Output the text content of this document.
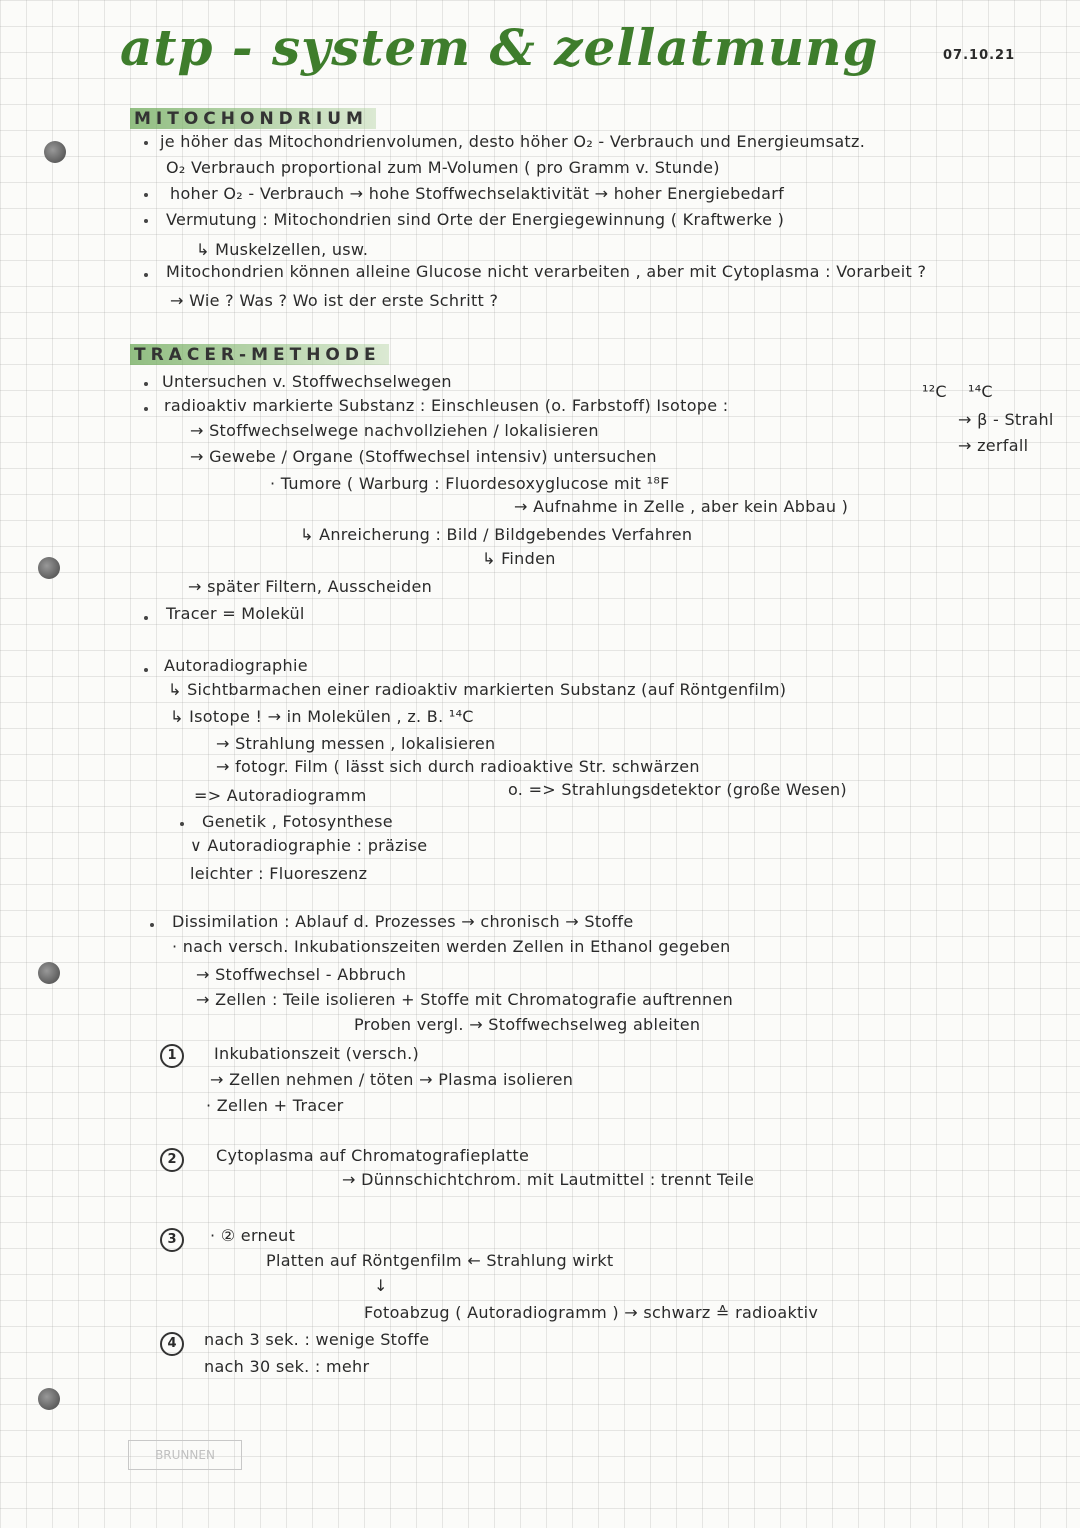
atp - system & zellatmung	07.10.21
MITOCHONDRIUM
je höher das Mitochondrienvolumen, desto höher O₂ - Verbrauch und Energieumsatz.
O₂ Verbrauch proportional zum M-Volumen ( pro Gramm v. Stunde)
hoher O₂ - Verbrauch → hohe Stoffwechselaktivität → hoher Energiebedarf
Vermutung : Mitochondrien sind Orte der Energiegewinnung ( Kraftwerke )
↳ Muskelzellen, usw.
Mitochondrien können alleine Glucose nicht verarbeiten , aber mit Cytoplasma : Vorarbeit ?
→ Wie ? Was ? Wo ist der erste Schritt ?
TRACER-METHODE
Untersuchen v. Stoffwechselwegen
radioaktiv markierte Substanz : Einschleusen (o. Farbstoff) Isotope :
¹²C ¹⁴C
→ β - Strahl
→ zerfall
→ Stoffwechselwege nachvollziehen / lokalisieren
→ Gewebe / Organe (Stoffwechsel intensiv) untersuchen
· Tumore ( Warburg : Fluordesoxyglucose mit ¹⁸F
→ Aufnahme in Zelle , aber kein Abbau )
↳ Anreicherung : Bild / Bildgebendes Verfahren
↳ Finden
→ später Filtern, Ausscheiden
Tracer = Molekül
Autoradiographie
↳ Sichtbarmachen einer radioaktiv markierten Substanz (auf Röntgenfilm)
↳ Isotope ! → in Molekülen , z. B. ¹⁴C
→ Strahlung messen , lokalisieren
→ fotogr. Film ( lässt sich durch radioaktive Str. schwärzen
=> Autoradiogramm	o. => Strahlungsdetektor (große Wesen)
Genetik , Fotosynthese
∨ Autoradiographie : präzise
leichter : Fluoreszenz
Dissimilation : Ablauf d. Prozesses → chronisch → Stoffe
· nach versch. Inkubationszeiten werden Zellen in Ethanol gegeben
→ Stoffwechsel - Abbruch
→ Zellen : Teile isolieren + Stoffe mit Chromatografie auftrennen
Proben vergl. → Stoffwechselweg ableiten
1	Inkubationszeit (versch.)
→ Zellen nehmen / töten → Plasma isolieren
· Zellen + Tracer
2	Cytoplasma auf Chromatografieplatte
→ Dünnschichtchrom. mit Lautmittel : trennt Teile
3	· ② erneut
Platten auf Röntgenfilm ← Strahlung wirkt
↓
Fotoabzug ( Autoradiogramm ) → schwarz ≙ radioaktiv
4	nach 3 sek. : wenige Stoffe
nach 30 sek. : mehr
BRUNNEN
